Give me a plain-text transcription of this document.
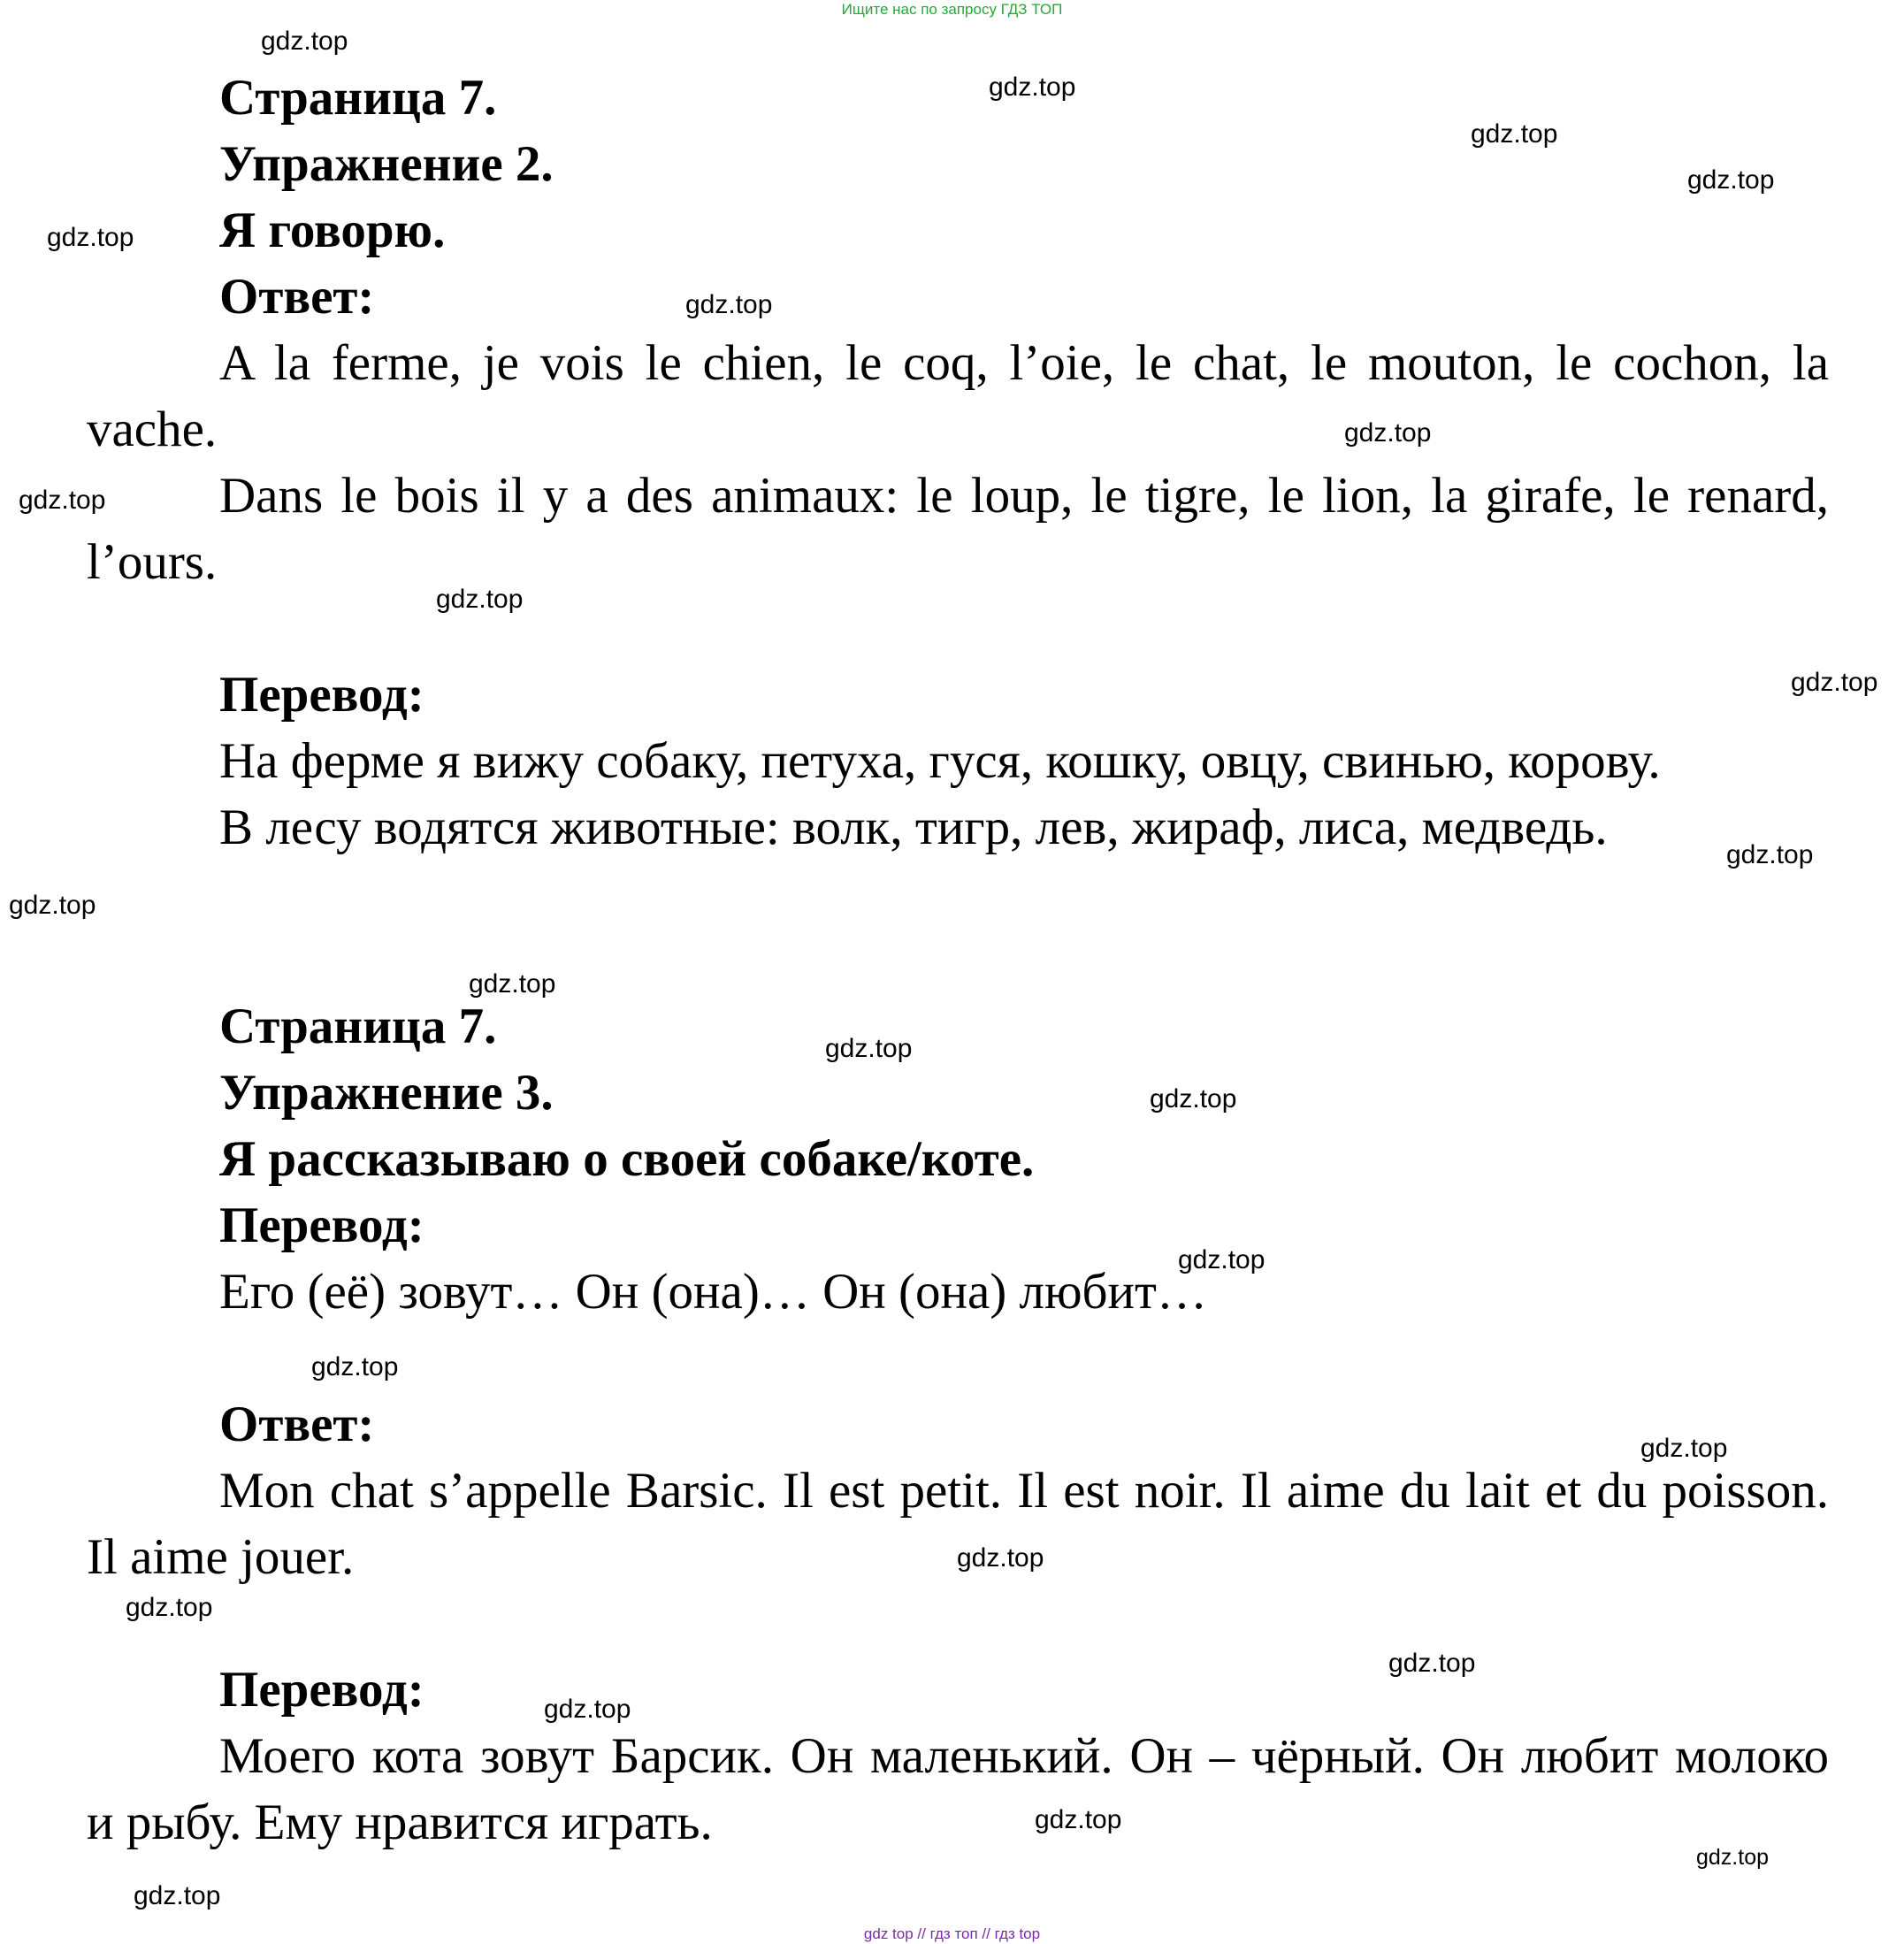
Ищите нас по запросу ГДЗ ТОП
Страница 7.
Упражнение 2.
Я говорю.
Ответ:
A la ferme, je vois le chien, le coq, l’oie, le chat, le mouton, le cochon, la
vache.
Dans le bois il y a des animaux: le loup, le tigre, le lion, la girafe, le renard,
l’ours.
Перевод:
На ферме я вижу собаку, петуха, гуся, кошку, овцу, свинью, корову.
В лесу водятся животные: волк, тигр, лев, жираф, лиса, медведь.
Страница 7.
Упражнение 3.
Я рассказываю о своей собаке/коте.
Перевод:
Его (её) зовут… Он (она)… Он (она) любит…
Ответ:
Mon chat s’appelle Barsic. Il est petit. Il est noir. Il aime du lait et du poisson.
Il aime jouer.
Перевод:
Моего кота зовут Барсик. Он маленький. Он – чёрный. Он любит молоко
и рыбу. Ему нравится играть.
gdz.top
gdz.top
gdz.top
gdz.top
gdz.top
gdz.top
gdz.top
gdz.top
gdz.top
gdz.top
gdz.top
gdz.top
gdz.top
gdz.top
gdz.top
gdz.top
gdz.top
gdz.top
gdz.top
gdz.top
gdz.top
gdz.top
gdz.top
gdz.top
gdz.top
gdz top // гдз топ // гдз top
